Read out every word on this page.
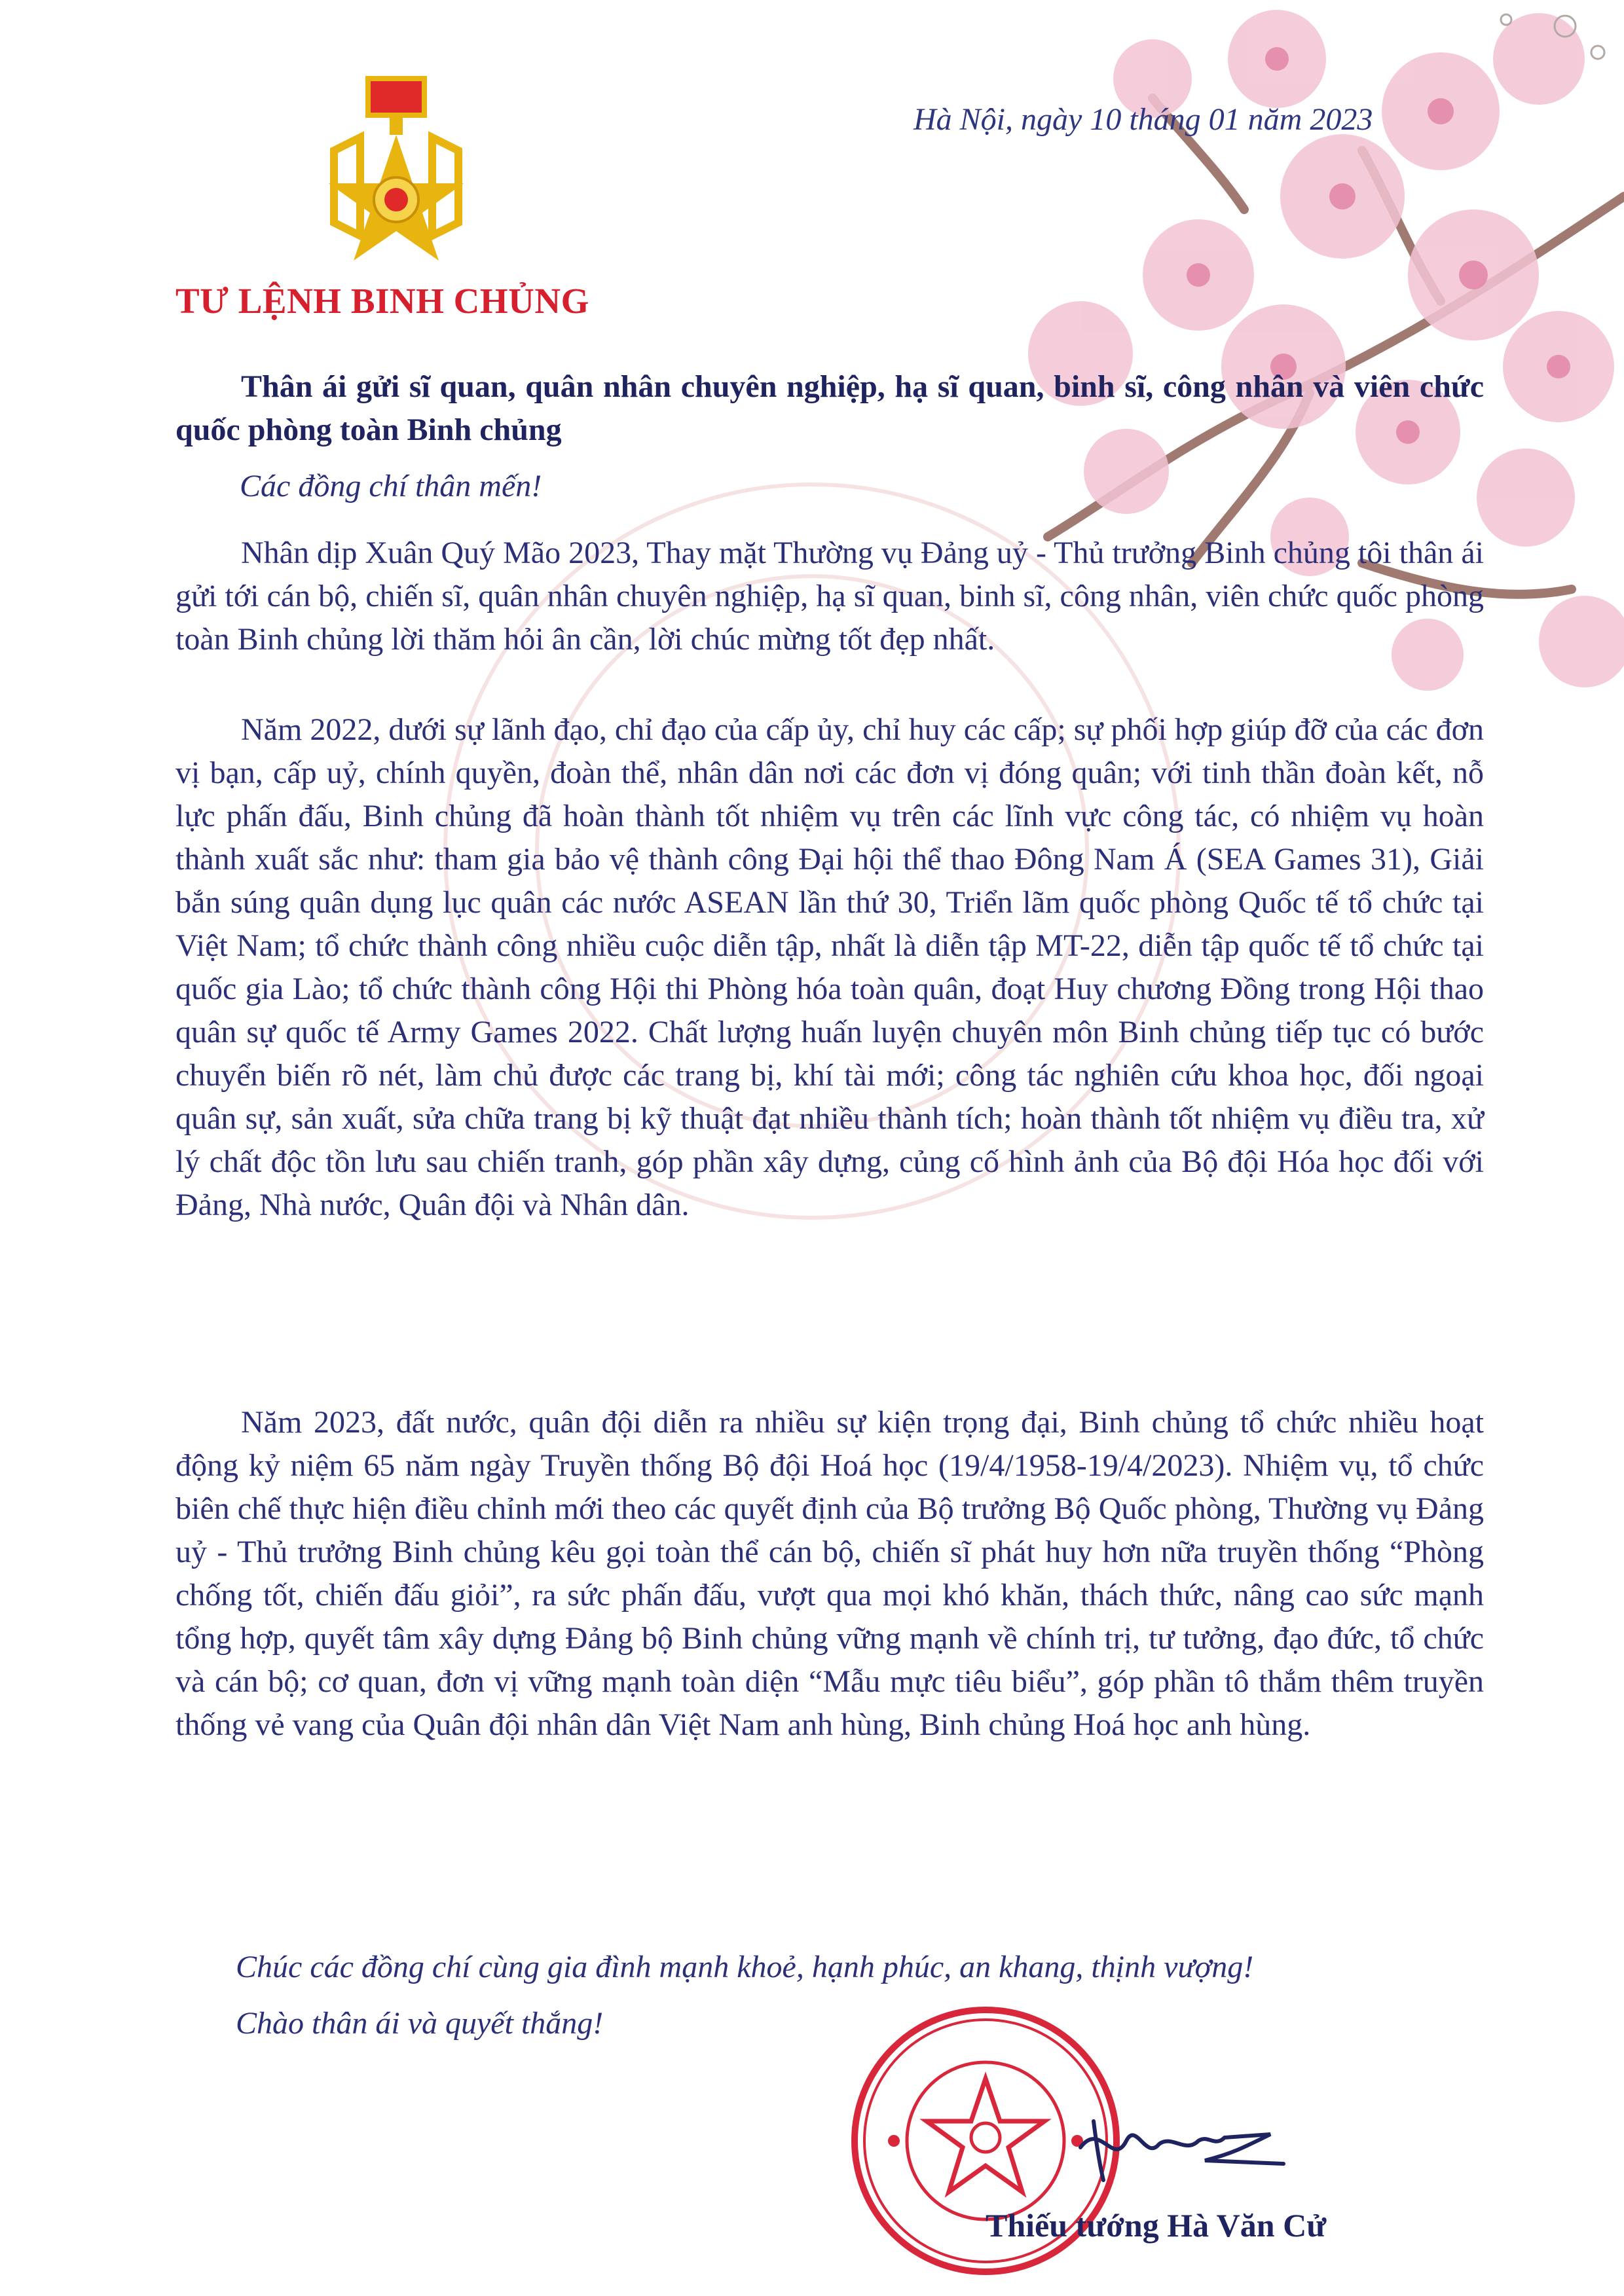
Hà Nội, ngày 10 tháng 01 năm 2023
TƯ LỆNH BINH CHỦNG
Thân ái gửi sĩ quan, quân nhân chuyên nghiệp, hạ sĩ quan, binh sĩ, công nhân và viên chức quốc phòng toàn Binh chủng
Các đồng chí thân mến!
Nhân dịp Xuân Quý Mão 2023, Thay mặt Thường vụ Đảng uỷ - Thủ trưởng Binh chủng tôi thân ái gửi tới cán bộ, chiến sĩ, quân nhân chuyên nghiệp, hạ sĩ quan, binh sĩ, công nhân, viên chức quốc phòng toàn Binh chủng lời thăm hỏi ân cần, lời chúc mừng tốt đẹp nhất.
Năm 2022, dưới sự lãnh đạo, chỉ đạo của cấp ủy, chỉ huy các cấp; sự phối hợp giúp đỡ của các đơn vị bạn, cấp uỷ, chính quyền, đoàn thể, nhân dân nơi các đơn vị đóng quân; với tinh thần đoàn kết, nỗ lực phấn đấu, Binh chủng đã hoàn thành tốt nhiệm vụ trên các lĩnh vực công tác, có nhiệm vụ hoàn thành xuất sắc như: tham gia bảo vệ thành công Đại hội thể thao Đông Nam Á (SEA Games 31), Giải bắn súng quân dụng lục quân các nước ASEAN lần thứ 30, Triển lãm quốc phòng Quốc tế tổ chức tại Việt Nam; tổ chức thành công nhiều cuộc diễn tập, nhất là diễn tập MT-22, diễn tập quốc tế tổ chức tại quốc gia Lào; tổ chức thành công Hội thi Phòng hóa toàn quân, đoạt Huy chương Đồng trong Hội thao quân sự quốc tế Army Games 2022. Chất lượng huấn luyện chuyên môn Binh chủng tiếp tục có bước chuyển biến rõ nét, làm chủ được các trang bị, khí tài mới; công tác nghiên cứu khoa học, đối ngoại quân sự, sản xuất, sửa chữa trang bị kỹ thuật đạt nhiều thành tích; hoàn thành tốt nhiệm vụ điều tra, xử lý chất độc tồn lưu sau chiến tranh, góp phần xây dựng, củng cố hình ảnh của Bộ đội Hóa học đối với Đảng, Nhà nước, Quân đội và Nhân dân.
Năm 2023, đất nước, quân đội diễn ra nhiều sự kiện trọng đại, Binh chủng tổ chức nhiều hoạt động kỷ niệm 65 năm ngày Truyền thống Bộ đội Hoá học (19/4/1958-19/4/2023). Nhiệm vụ, tổ chức biên chế thực hiện điều chỉnh mới theo các quyết định của Bộ trưởng Bộ Quốc phòng, Thường vụ Đảng uỷ - Thủ trưởng Binh chủng kêu gọi toàn thể cán bộ, chiến sĩ phát huy hơn nữa truyền thống “Phòng chống tốt, chiến đấu giỏi”, ra sức phấn đấu, vượt qua mọi khó khăn, thách thức, nâng cao sức mạnh tổng hợp, quyết tâm xây dựng Đảng bộ Binh chủng vững mạnh về chính trị, tư tưởng, đạo đức, tổ chức và cán bộ; cơ quan, đơn vị vững mạnh toàn diện “Mẫu mực tiêu biểu”, góp phần tô thắm thêm truyền thống vẻ vang của Quân đội nhân dân Việt Nam anh hùng, Binh chủng Hoá học anh hùng.
Chúc các đồng chí cùng gia đình mạnh khoẻ, hạnh phúc, an khang, thịnh vượng!
Chào thân ái và quyết thắng!
Thiếu tướng Hà Văn Cử
